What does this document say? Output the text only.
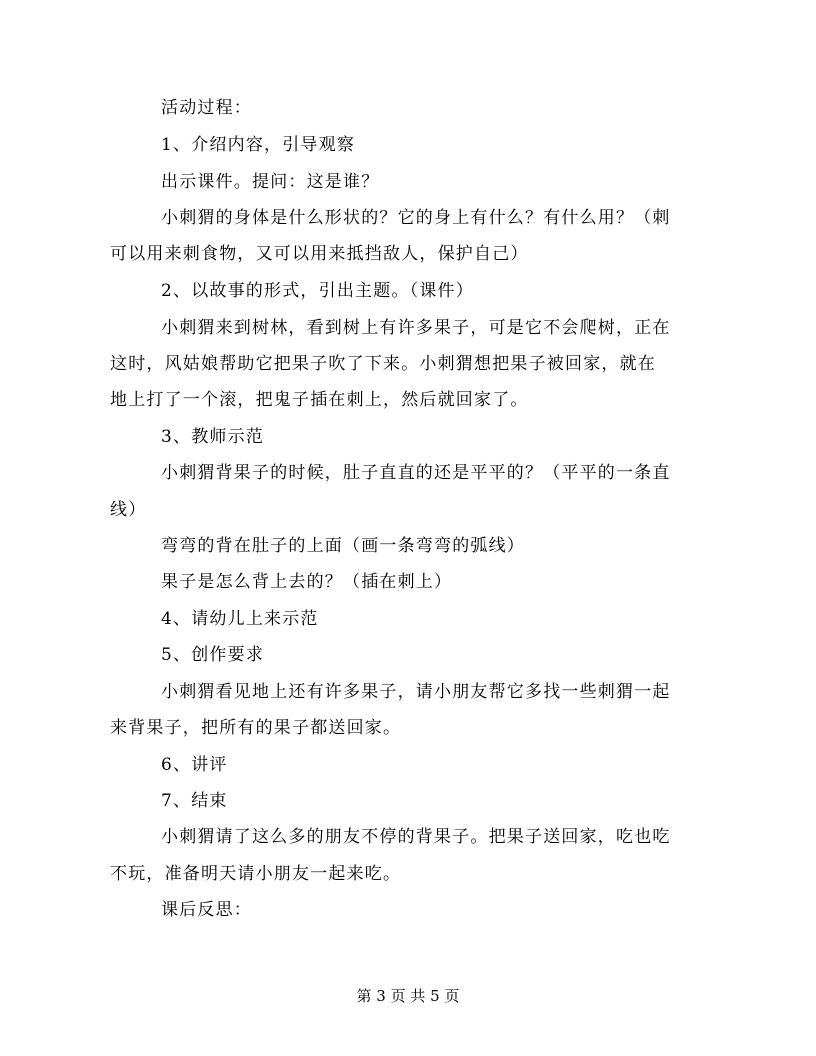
活动过程：
1、介绍内容，引导观察
出示课件。提问：这是谁？
小刺猬的身体是什么形状的？它的身上有什么？有什么用？（刺
可以用来刺食物，又可以用来抵挡敌人，保护自己）
2、以故事的形式，引出主题。（课件）
小刺猬来到树林，看到树上有许多果子，可是它不会爬树，正在
这时，风姑娘帮助它把果子吹了下来。小刺猬想把果子被回家，就在
地上打了一个滚，把鬼子插在刺上，然后就回家了。
3、教师示范
小刺猬背果子的时候，肚子直直的还是平平的？（平平的一条直
线）
弯弯的背在肚子的上面（画一条弯弯的弧线）
果子是怎么背上去的？（插在刺上）
4、请幼儿上来示范
5、创作要求
小刺猬看见地上还有许多果子，请小朋友帮它多找一些刺猬一起
来背果子，把所有的果子都送回家。
6、讲评
7、结束
小刺猬请了这么多的朋友不停的背果子。把果子送回家，吃也吃
不玩，准备明天请小朋友一起来吃。
课后反思：
第 3 页 共 5 页
